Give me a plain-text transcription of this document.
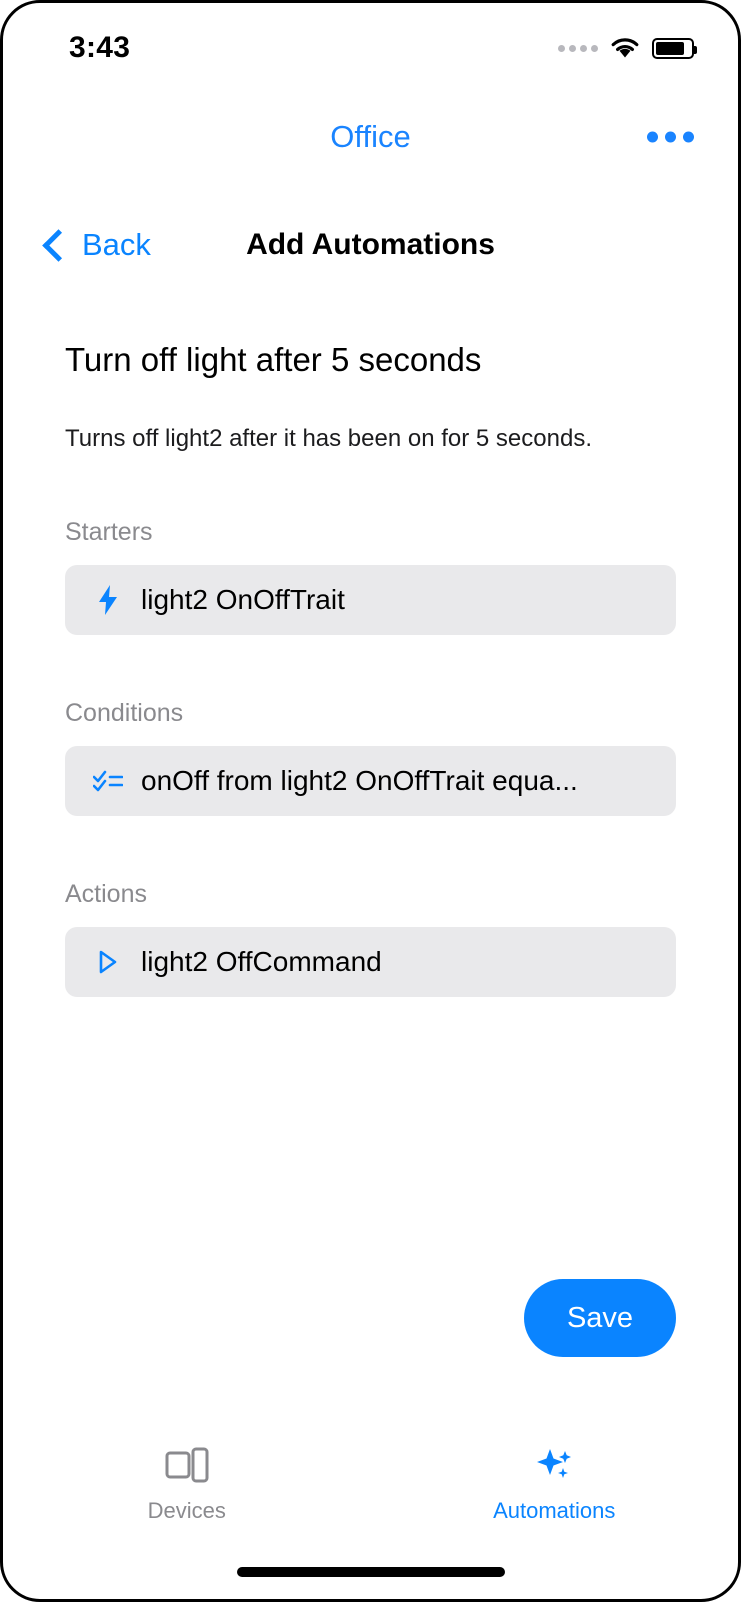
3:43
Office
Back	Add Automations
Turn off light after 5 seconds
Turns off light2 after it has been on for 5 seconds.
Starters
light2 OnOffTrait
Conditions
onOff from light2 OnOffTrait equa...
Actions
light2 OffCommand
Save
Devices	Automations
